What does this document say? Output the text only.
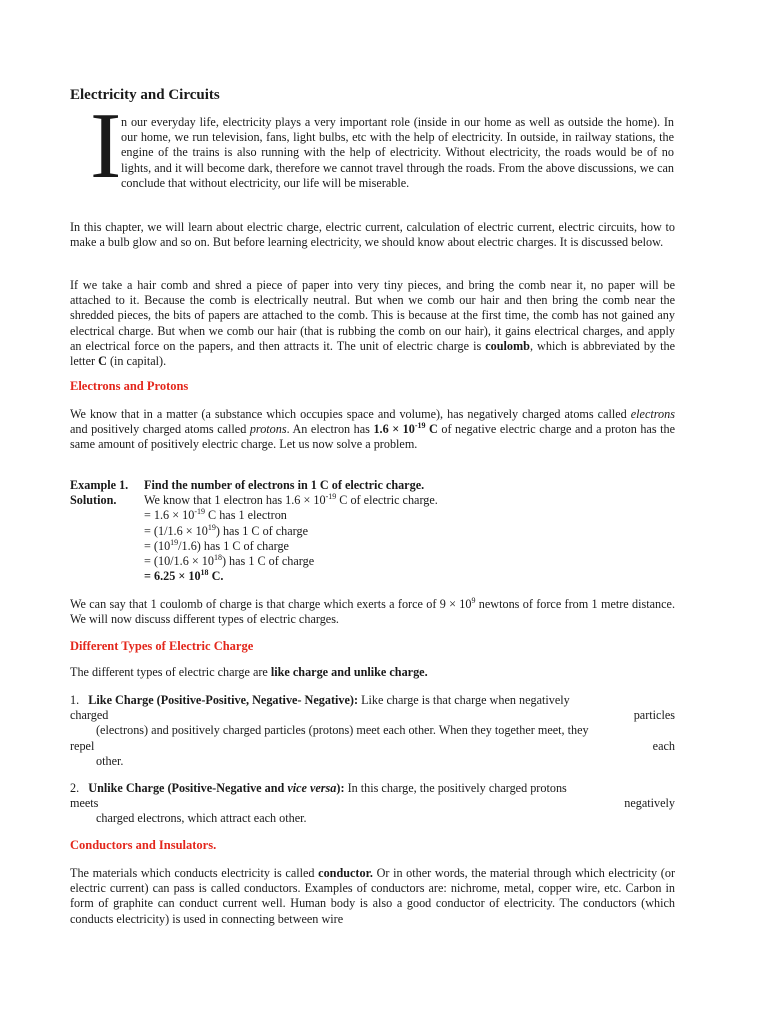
Electricity and Circuits
I n our everyday life, electricity plays a very important role (inside in our home as well as outside the home). In our home, we run television, fans, light bulbs, etc with the help of electricity. In outside, in railway stations, the engine of the trains is also running with the help of electricity. Without electricity, the roads would be of no lights, and it will become dark, therefore we cannot travel through the roads. From the above discussions, we can conclude that without electricity, our life will be miserable.

In this chapter, we will learn about electric charge, electric current, calculation of electric current, electric circuits, how to make a bulb glow and so on. But before learning electricity, we should know about electric charges. It is discussed below.

If we take a hair comb and shred a piece of paper into very tiny pieces, and bring the comb near it, no paper will be attached to it. Because the comb is electrically neutral. But when we comb our hair and then bring the comb near the shredded pieces, the bits of papers are attached to the comb. This is because at the first time, the comb has not gained any electrical charge. But when we comb our hair (that is rubbing the comb on our hair), it gains electrical charges, and apply an electrical force on the papers, and then attracts it. The unit of electric charge is coulomb, which is abbreviated by the letter C (in capital).

Electrons and Protons

We know that in a matter (a substance which occupies space and volume), has negatively charged atoms called electrons and positively charged atoms called protons. An electron has $1.6 \times 10^{-19}$ C of negative electric charge and a proton has the same amount of positively electric charge. Let us now solve a problem.

Example 1.	Find the number of electrons in 1 C of electric charge.
Solution.	We know that 1 electron has $1.6 \times 10^{-19}$ C of electric charge.
= $1.6 \times 10^{-19}$ C has 1 electron
= $(1/1.6 \times 10^{19})$ has 1 C of charge
= $(10^{19}/1.6)$ has 1 C of charge
= $(10/1.6 \times 10^{18})$ has 1 C of charge
= $6.25 \times 10^{18}$ C.

We can say that 1 coulomb of charge is that charge which exerts a force of $9 \times 10^9$ newtons of force from 1 metre distance. We will now discuss different types of electric charges.

Different Types of Electric Charge

The different types of electric charge are like charge and unlike charge.

1. Like Charge (Positive-Positive, Negative- Negative): Like charge is that charge when negatively
charged	particles
(electrons) and positively charged particles (protons) meet each other. When they together meet, they
repel	each
other.
2. Unlike Charge (Positive-Negative and vice versa): In this charge, the positively charged protons
meets	negatively
charged electrons, which attract each other.
Conductors and Insulators.

The materials which conducts electricity is called conductor. Or in other words, the material through which electricity (or electric current) can pass is called conductors. Examples of conductors are: nichrome, metal, copper wire, etc. Carbon in form of graphite can conduct current well. Human body is also a good conductor of electricity. The conductors (which conducts electricity) is used in connecting between wire
